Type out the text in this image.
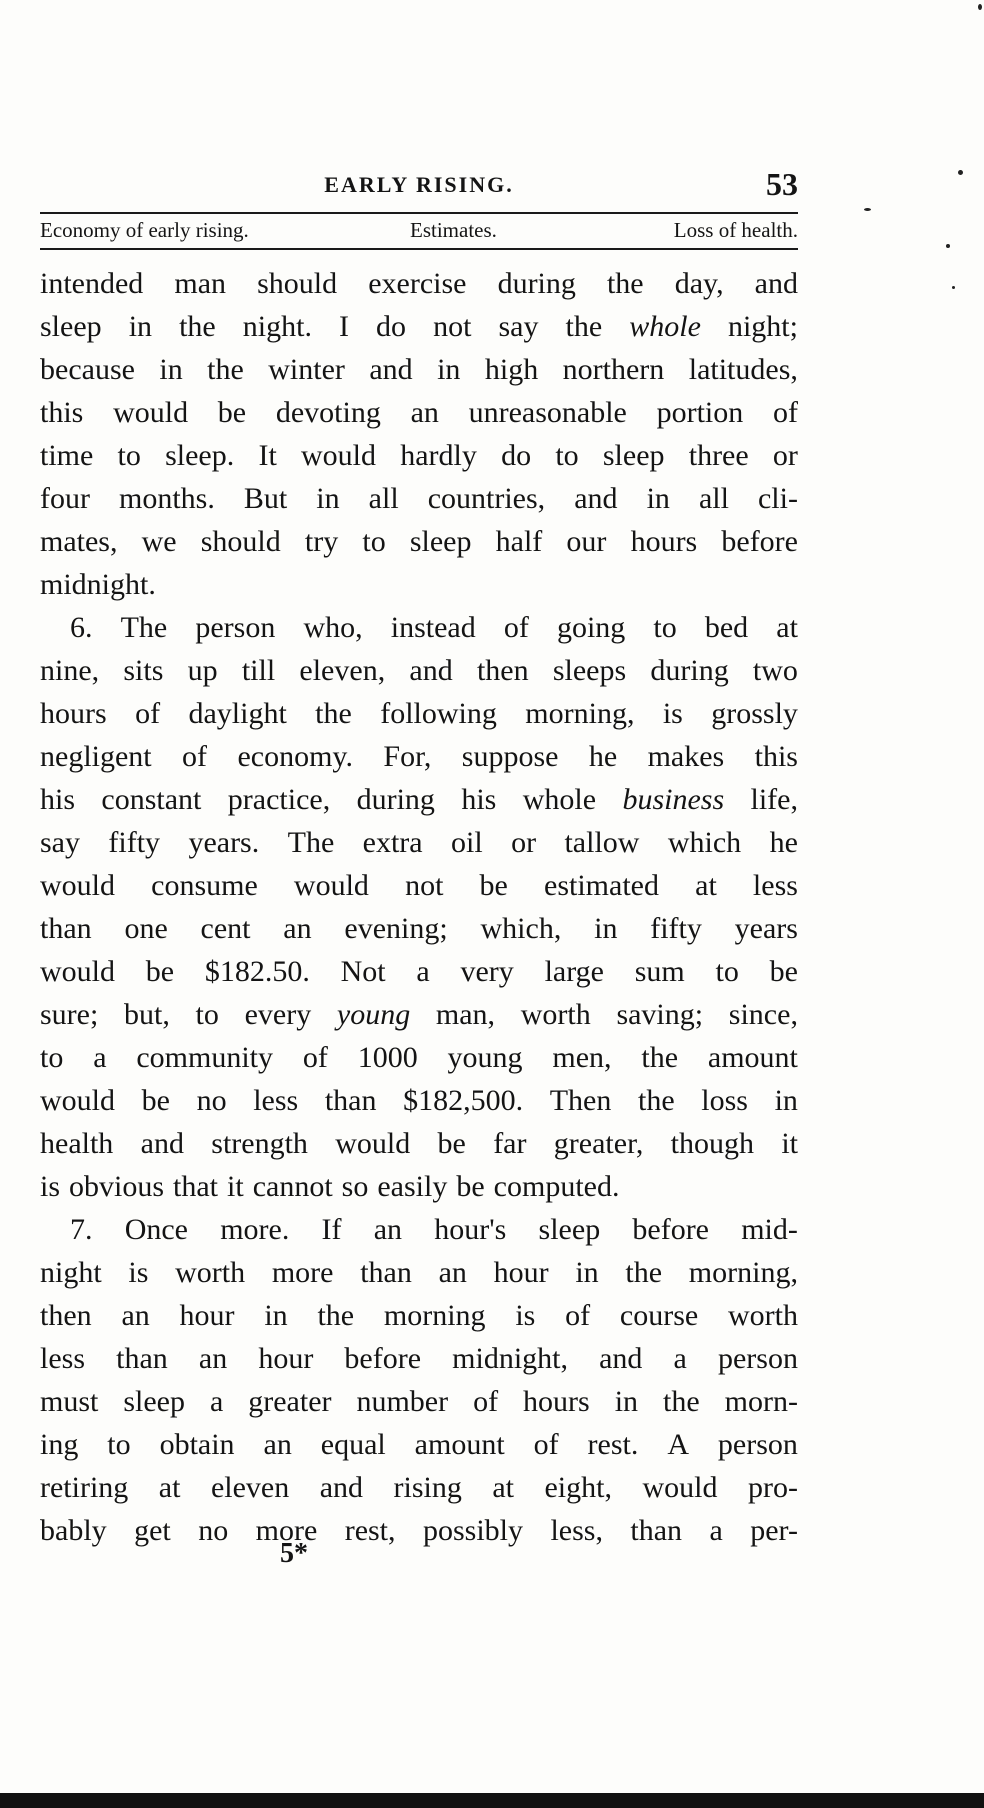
EARLY RISING.	53
Economy of early rising.	Estimates.	Loss of health.
intended man should exercise during the day, and
sleep in the night. I do not say the whole night;
because in the winter and in high northern latitudes,
this would be devoting an unreasonable portion of
time to sleep. It would hardly do to sleep three or
four months. But in all countries, and in all cli-
mates, we should try to sleep half our hours before
midnight.
6. The person who, instead of going to bed at
nine, sits up till eleven, and then sleeps during two
hours of daylight the following morning, is grossly
negligent of economy. For, suppose he makes this
his constant practice, during his whole business life,
say fifty years. The extra oil or tallow which he
would consume would not be estimated at less
than one cent an evening; which, in fifty years
would be $182.50. Not a very large sum to be
sure; but, to every young man, worth saving; since,
to a community of 1000 young men, the amount
would be no less than $182,500. Then the loss in
health and strength would be far greater, though it
is obvious that it cannot so easily be computed.
7. Once more. If an hour's sleep before mid-
night is worth more than an hour in the morning,
then an hour in the morning is of course worth
less than an hour before midnight, and a person
must sleep a greater number of hours in the morn-
ing to obtain an equal amount of rest. A person
retiring at eleven and rising at eight, would pro-
bably get no more rest, possibly less, than a per-
5*
